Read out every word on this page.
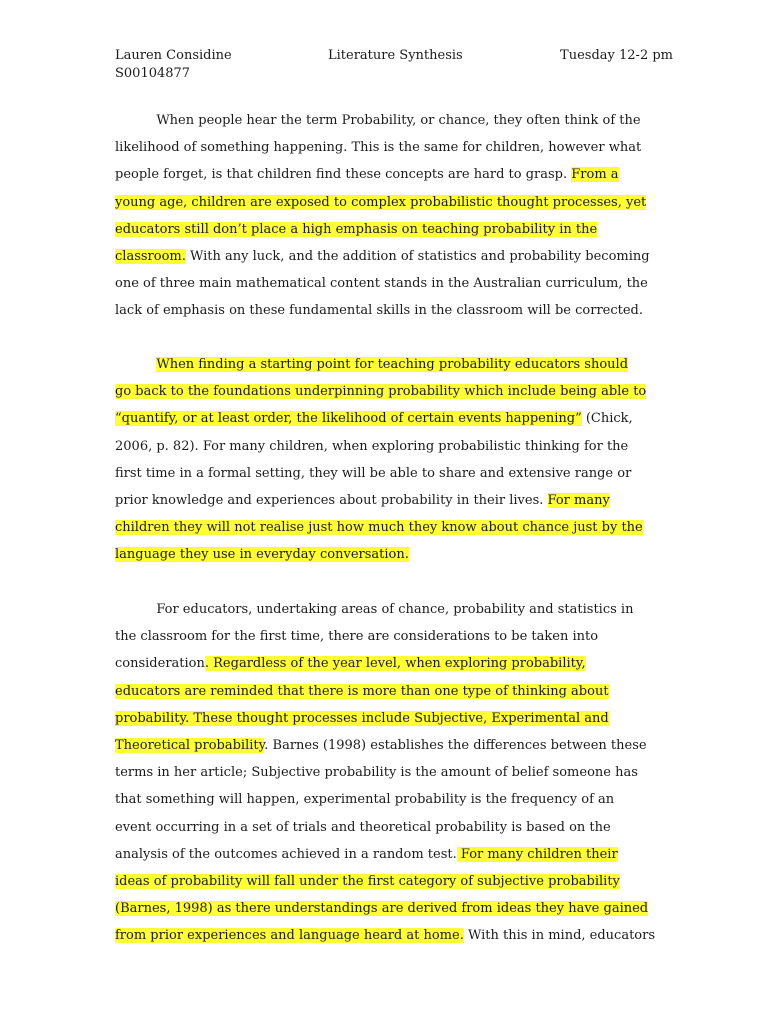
Lauren Considine	Literature Synthesis	Tuesday 12-2 pm
S00104877
When people hear the term Probability, or chance, they often think of the
likelihood of something happening. This is the same for children, however what
people forget, is that children find these concepts are hard to grasp. From a
young age, children are exposed to complex probabilistic thought processes, yet
educators still don’t place a high emphasis on teaching probability in the
classroom. With any luck, and the addition of statistics and probability becoming
one of three main mathematical content stands in the Australian curriculum, the
lack of emphasis on these fundamental skills in the classroom will be corrected.
When finding a starting point for teaching probability educators should
go back to the foundations underpinning probability which include being able to
“quantify, or at least order, the likelihood of certain events happening” (Chick,
2006, p. 82). For many children, when exploring probabilistic thinking for the
first time in a formal setting, they will be able to share and extensive range or
prior knowledge and experiences about probability in their lives. For many
children they will not realise just how much they know about chance just by the
language they use in everyday conversation.
For educators, undertaking areas of chance, probability and statistics in
the classroom for the first time, there are considerations to be taken into
consideration. Regardless of the year level, when exploring probability,
educators are reminded that there is more than one type of thinking about
probability. These thought processes include Subjective, Experimental and
Theoretical probability. Barnes (1998) establishes the differences between these
terms in her article; Subjective probability is the amount of belief someone has
that something will happen, experimental probability is the frequency of an
event occurring in a set of trials and theoretical probability is based on the
analysis of the outcomes achieved in a random test. For many children their
ideas of probability will fall under the first category of subjective probability
(Barnes, 1998) as there understandings are derived from ideas they have gained
from prior experiences and language heard at home. With this in mind, educators
